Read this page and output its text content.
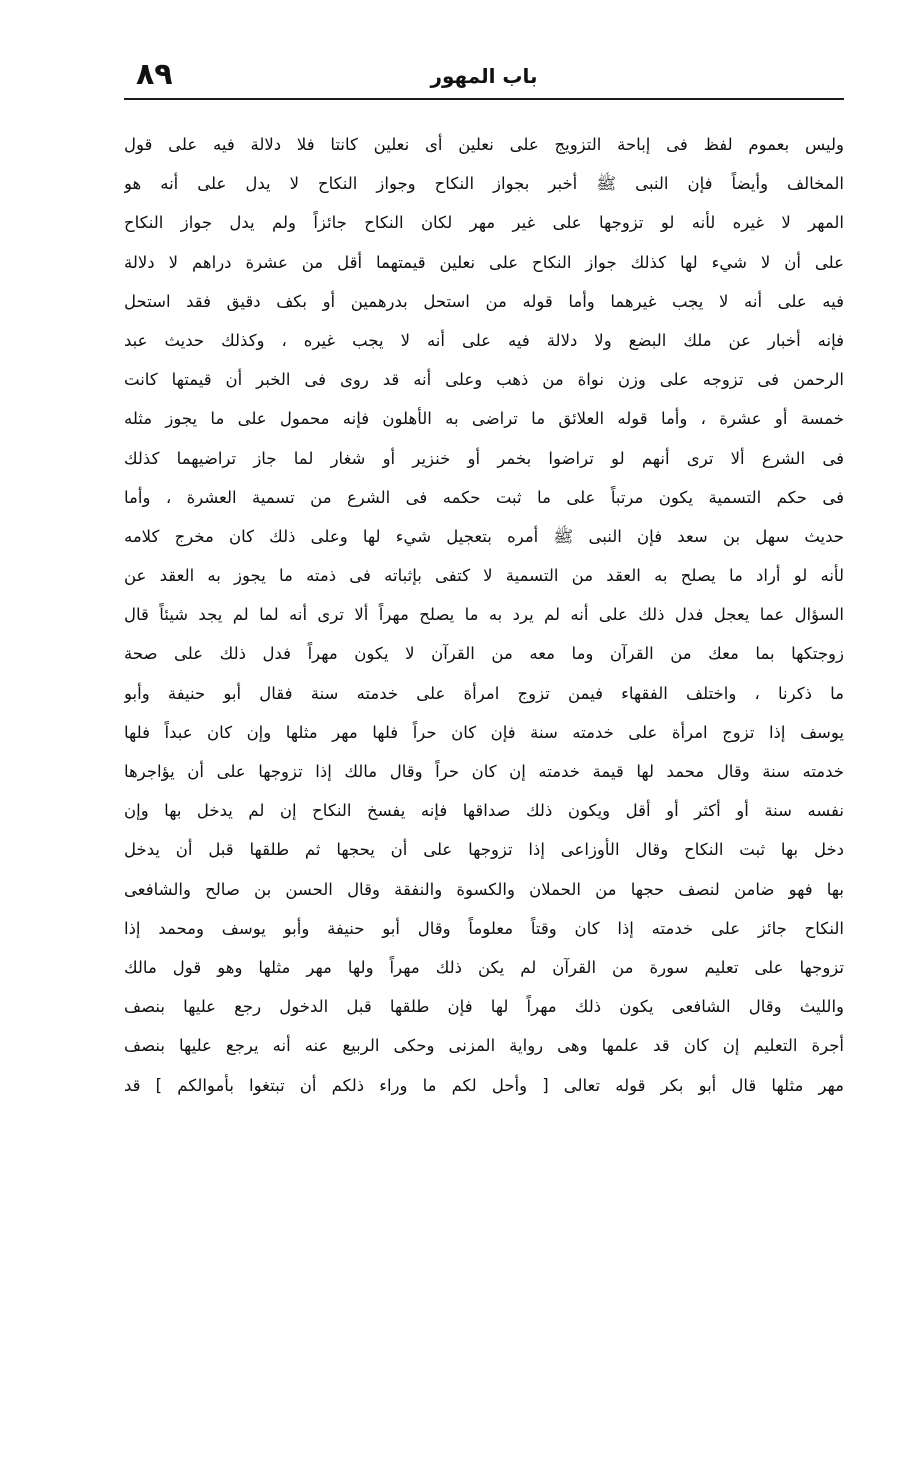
٨٩	باب المهور
وليس بعموم لفظ فى إباحة التزويج على نعلين أى نعلين كانتا فلا دلالة فيه على قول
المخالف وأيضاً فإن النبى ﷺ أخبر بجواز النكاح وجواز النكاح لا يدل على أنه هو
المهر لا غيره لأنه لو تزوجها على غير مهر لكان النكاح جائزاً ولم يدل جواز النكاح
على أن لا شيء لها كذلك جواز النكاح على نعلين قيمتهما أقل من عشرة دراهم لا دلالة
فيه على أنه لا يجب غيرهما وأما قوله من استحل بدرهمين أو بكف دقيق فقد استحل
فإنه أخبار عن ملك البضع ولا دلالة فيه على أنه لا يجب غيره ، وكذلك حديث عبد
الرحمن فى تزوجه على وزن نواة من ذهب وعلى أنه قد روى فى الخبر أن قيمتها كانت
خمسة أو عشرة ، وأما قوله العلائق ما تراضى به الأهلون فإنه محمول على ما يجوز مثله
فى الشرع ألا ترى أنهم لو تراضوا بخمر أو خنزير أو شغار لما جاز تراضيهما كذلك
فى حكم التسمية يكون مرتباً على ما ثبت حكمه فى الشرع من تسمية العشرة ، وأما
حديث سهل بن سعد فإن النبى ﷺ أمره بتعجيل شيء لها وعلى ذلك كان مخرج كلامه
لأنه لو أراد ما يصلح به العقد من التسمية لا كتفى بإثباته فى ذمته ما يجوز به العقد عن
السؤال عما يعجل فدل ذلك على أنه لم يرد به ما يصلح مهراً ألا ترى أنه لما لم يجد شيئاً قال
زوجتكها بما معك من القرآن وما معه من القرآن لا يكون مهراً فدل ذلك على صحة
ما ذكرنا ، واختلف الفقهاء فيمن تزوج امرأة على خدمته سنة فقال أبو حنيفة وأبو
يوسف إذا تزوج امرأة على خدمته سنة فإن كان حراً فلها مهر مثلها وإن كان عبداً فلها
خدمته سنة وقال محمد لها قيمة خدمته إن كان حراً وقال مالك إذا تزوجها على أن يؤاجرها
نفسه سنة أو أكثر أو أقل ويكون ذلك صداقها فإنه يفسخ النكاح إن لم يدخل بها وإن
دخل بها ثبت النكاح وقال الأوزاعى إذا تزوجها على أن يحجها ثم طلقها قبل أن يدخل
بها فهو ضامن لنصف حجها من الحملان والكسوة والنفقة وقال الحسن بن صالح والشافعى
النكاح جائز على خدمته إذا كان وقتاً معلوماً وقال أبو حنيفة وأبو يوسف ومحمد إذا
تزوجها على تعليم سورة من القرآن لم يكن ذلك مهراً ولها مهر مثلها وهو قول مالك
والليث وقال الشافعى يكون ذلك مهراً لها فإن طلقها قبل الدخول رجع عليها بنصف
أجرة التعليم إن كان قد علمها وهى رواية المزنى وحكى الربيع عنه أنه يرجع عليها بنصف
مهر مثلها قال أبو بكر قوله تعالى [ وأحل لكم ما وراء ذلكم أن تبتغوا بأموالكم ] قد
